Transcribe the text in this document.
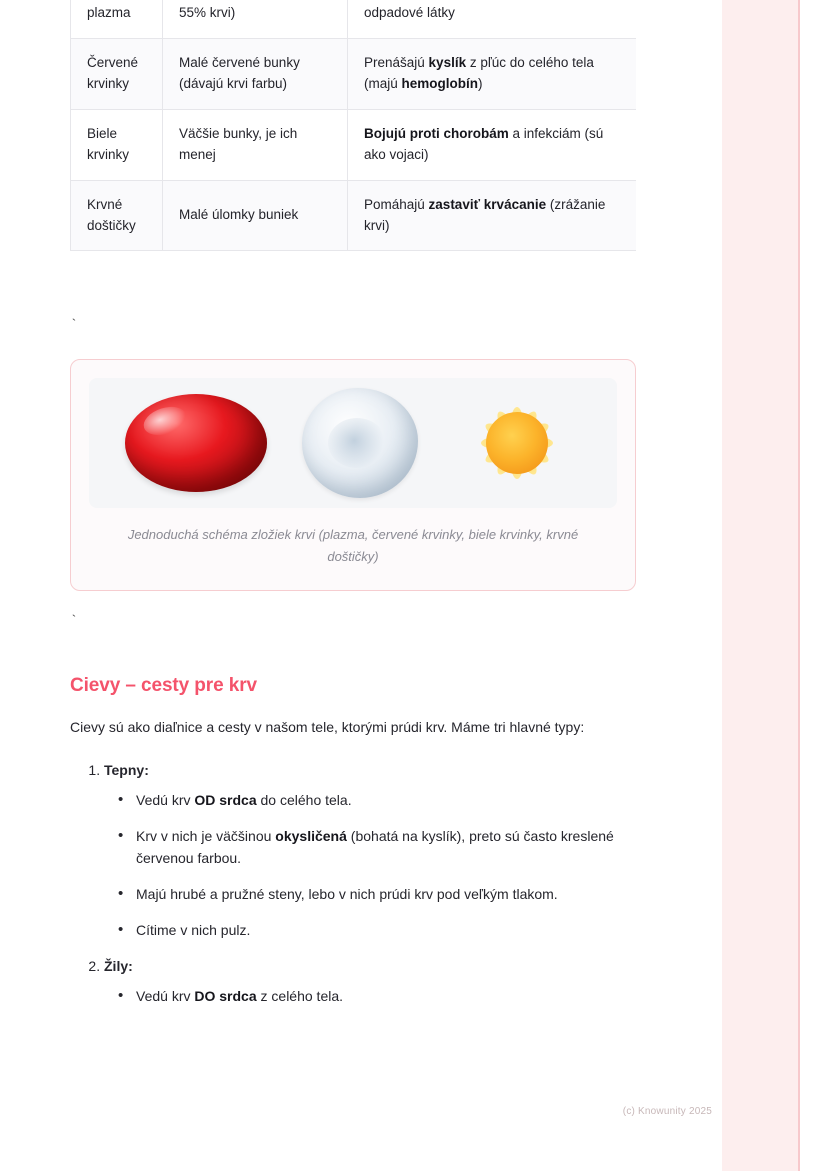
plazma	55% krvi)	odpadové látky
Červené krvinky	Malé červené bunky (dávajú krvi farbu)	Prenášajú kyslík z pľúc do celého tela (majú hemoglobín)
Biele krvinky	Väčšie bunky, je ich menej	Bojujú proti chorobám a infekciám (sú ako vojaci)
Krvné doštičky	Malé úlomky buniek	Pomáhajú zastaviť krvácanie (zrážanie krvi)
`
Jednoduchá schéma zložiek krvi (plazma, červené krvinky, biele krvinky, krvné doštičky)
`
Cievy – cesty pre krv

Cievy sú ako diaľnice a cesty v našom tele, ktorými prúdi krv. Máme tri hlavné typy:

1. Tepny:
• Vedú krv OD srdca do celého tela.
• Krv v nich je väčšinou okysličená (bohatá na kyslík), preto sú často kreslené červenou farbou.
• Majú hrubé a pružné steny, lebo v nich prúdi krv pod veľkým tlakom.
• Cítime v nich pulz.
2. Žily:
• Vedú krv DO srdca z celého tela.
(c) Knowunity 2025
